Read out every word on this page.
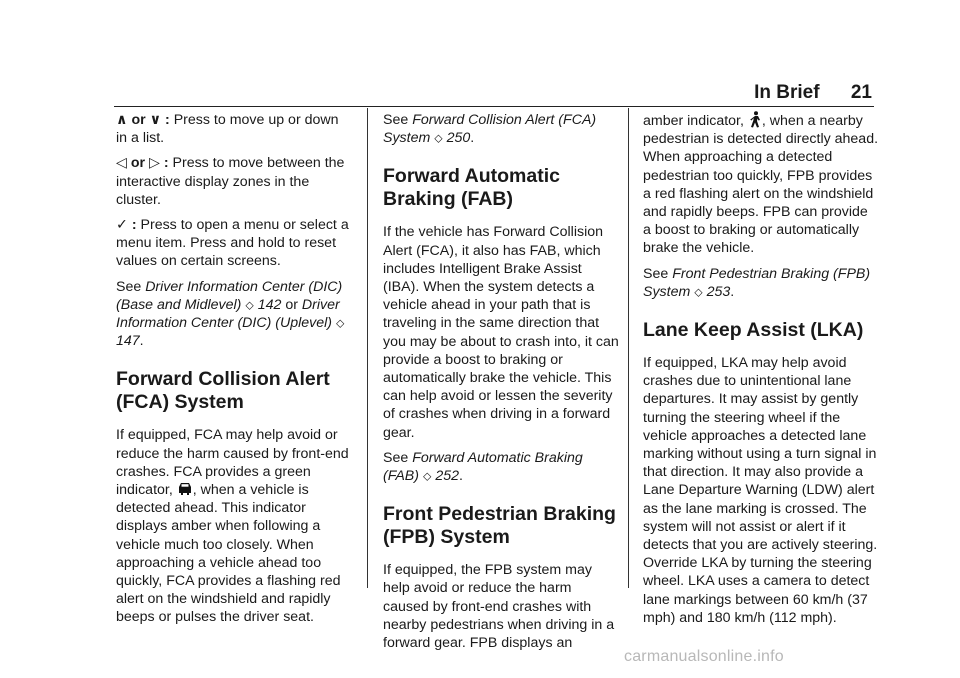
In Brief 21

∧ or ∨ : Press to move up or down in a list.

◁ or ▷ : Press to move between the interactive display zones in the cluster.

✓ : Press to open a menu or select a menu item. Press and hold to reset values on certain screens.

See Driver Information Center (DIC) (Base and Midlevel) ⬦ 142 or Driver Information Center (DIC) (Uplevel) ⬦ 147.

Forward Collision Alert (FCA) System

If equipped, FCA may help avoid or reduce the harm caused by front-end crashes. FCA provides a green indicator, , when a vehicle is detected ahead. This indicator displays amber when following a vehicle much too closely. When approaching a vehicle ahead too quickly, FCA provides a flashing red alert on the windshield and rapidly beeps or pulses the driver seat.

See Forward Collision Alert (FCA) System ⬦ 250.

Forward Automatic Braking (FAB)

If the vehicle has Forward Collision Alert (FCA), it also has FAB, which includes Intelligent Brake Assist (IBA). When the system detects a vehicle ahead in your path that is traveling in the same direction that you may be about to crash into, it can provide a boost to braking or automatically brake the vehicle. This can help avoid or lessen the severity of crashes when driving in a forward gear.

See Forward Automatic Braking (FAB) ⬦ 252.

Front Pedestrian Braking (FPB) System

If equipped, the FPB system may help avoid or reduce the harm caused by front-end crashes with nearby pedestrians when driving in a forward gear. FPB displays an

amber indicator, , when a nearby pedestrian is detected directly ahead. When approaching a detected pedestrian too quickly, FPB provides a red flashing alert on the windshield and rapidly beeps. FPB can provide a boost to braking or automatically brake the vehicle.

See Front Pedestrian Braking (FPB) System ⬦ 253.

Lane Keep Assist (LKA)

If equipped, LKA may help avoid crashes due to unintentional lane departures. It may assist by gently turning the steering wheel if the vehicle approaches a detected lane marking without using a turn signal in that direction. It may also provide a Lane Departure Warning (LDW) alert as the lane marking is crossed. The system will not assist or alert if it detects that you are actively steering. Override LKA by turning the steering wheel. LKA uses a camera to detect lane markings between 60 km/h (37 mph) and 180 km/h (112 mph).

carmanualsonline.info
